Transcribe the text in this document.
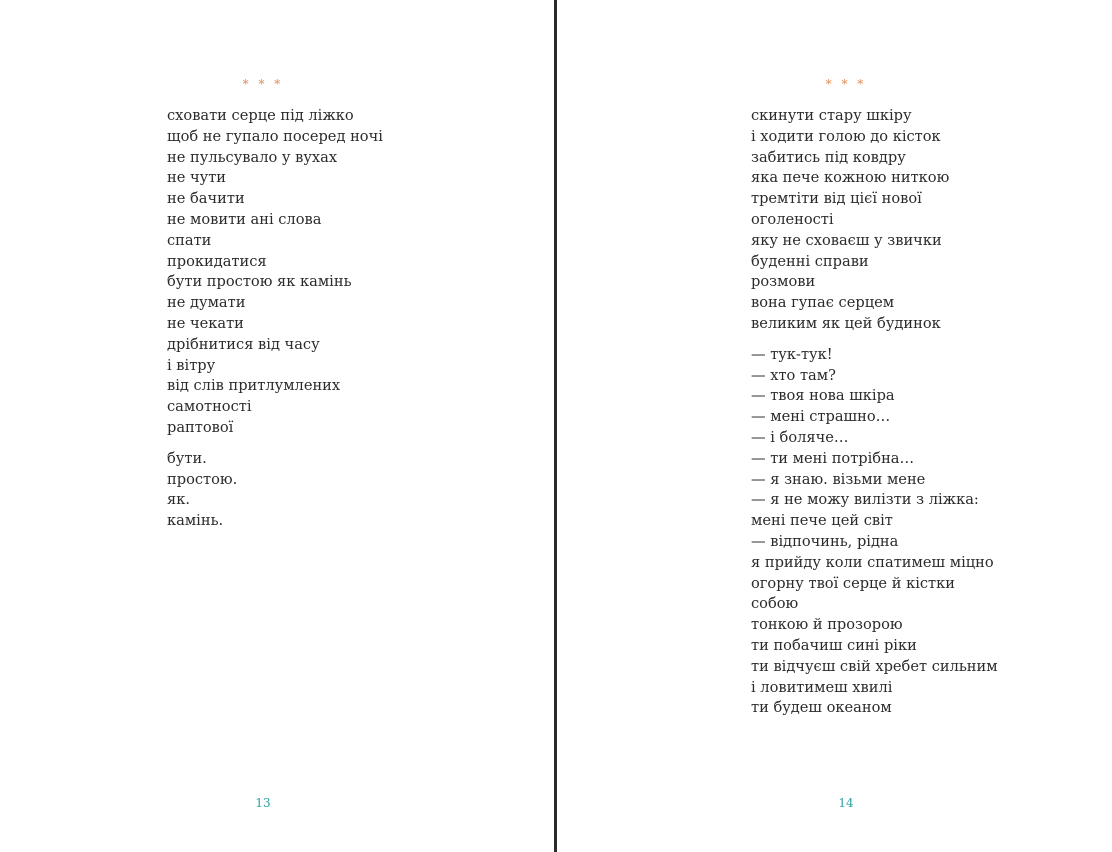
* * *
сховати серце під ліжко
щоб не гупало посеред ночі
не пульсувало у вухах
не чути
не бачити
не мовити ані слова
спати
прокидатися
бути простою як камінь
не думати
не чекати
дрібнитися від часу
і вітру
від слів притлумлених
самотності
раптової
бути.
простою.
як.
камінь.
13
* * *
скинути стару шкіру
і ходити голою до кісток
забитись під ковдру
яка пече кожною ниткою
тремтіти від цієї нової
оголеності
яку не сховаєш у звички
буденні справи
розмови
вона гупає серцем
великим як цей будинок
— тук-тук!
— хто там?
— твоя нова шкіра
— мені страшно…
— і боляче…
— ти мені потрібна…
— я знаю. візьми мене
— я не можу вилізти з ліжка:
мені пече цей світ
— відпочинь, рідна
я прийду коли спатимеш міцно
огорну твої серце й кістки
собою
тонкою й прозорою
ти побачиш сині ріки
ти відчуєш свій хребет сильним
і ловитимеш хвилі
ти будеш океаном
14
